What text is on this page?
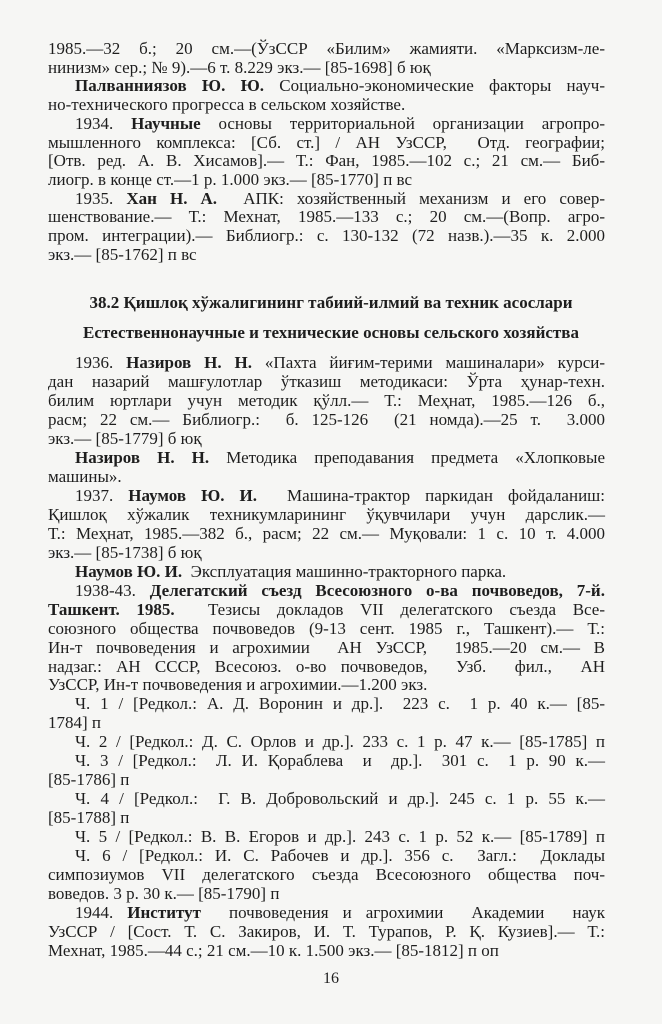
38.2 Қишлоқ хўжалигининг табиий-илмий ва техник асослари
Естественнонаучные и технические основы сельского хозяйства
16
1985.—32 б.; 20 см.—(ЎзССР «Билим» жамияти. «Марксизм-ле-
нинизм» сер.; № 9).—6 т. 8.229 экз.— [85-1698] б юқ
Палванниязов Ю. Ю. Социально-экономические факторы науч-
но-технического прогресса в сельском хозяйстве.
1934. Научные основы территориальной организации агропро-
мышленного комплекса: [Сб. ст.] / АН УзССР,  Отд. географии;
[Отв. ред. А. В. Хисамов].— Т.: Фан, 1985.—102 с.; 21 см.— Биб-
лиогр. в конце ст.—1 р. 1.000 экз.— [85-1770] п вс
1935. Хан Н. А.  АПК: хозяйственный механизм и его совер-
шенствование.— Т.: Мехнат, 1985.—133 с.; 20 см.—(Вопр. агро-
пром. интеграции).— Библиогр.: с. 130-132 (72 назв.).—35 к. 2.000
экз.— [85-1762] п вс
1936. Назиров Н. Н. «Пахта йиғим-терими машиналари» курси-
дан назарий машғулотлар ўтказиш методикаси: Ўрта ҳунар-техн.
билим юртлари учун методик қўлл.— Т.: Меҳнат, 1985.—126 б.,
расм; 22 см.— Библиогр.:  б. 125-126  (21 номда).—25 т.  3.000
экз.— [85-1779] б юқ
Назиров Н. Н. Методика преподавания предмета «Хлопковые
машины».
1937. Наумов Ю. И.  Машина-трактор паркидан фойдаланиш:
Қишлоқ хўжалик техникумларининг ўқувчилари учун дарслик.—
Т.: Меҳнат, 1985.—382 б., расм; 22 см.— Муқовали: 1 с. 10 т. 4.000
экз.— [85-1738] б юқ
Наумов Ю. И.  Эксплуатация машинно-тракторного парка.
1938-43. Делегатский съезд Всесоюзного о-ва почвоведов, 7-й.
Ташкент. 1985.  Тезисы докладов VII делегатского съезда Все-
союзного общества почвоведов (9-13 сент. 1985 г., Ташкент).— Т.:
Ин-т почвоведения и агрохимии  АН УзССР,  1985.—20 см.— В
надзаг.: АН СССР, Всесоюз. о-во почвоведов,  Узб.  фил.,  АН
УзССР, Ин-т почвоведения и агрохимии.—1.200 экз.
Ч. 1 / [Редкол.: А. Д. Воронин и др.].  223 с.  1 р. 40 к.— [85-
1784] п
Ч. 2 / [Редкол.: Д. С. Орлов и др.]. 233 с. 1 р. 47 к.— [85-1785] п
Ч. 3 / [Редкол.:  Л. И. Қораблева  и  др.].  301 с.  1 р. 90 к.—
[85-1786] п
Ч. 4 / [Редкол.:  Г. В. Добровольский и др.]. 245 с. 1 р. 55 к.—
[85-1788] п
Ч. 5 / [Редкол.: В. В. Егоров и др.]. 243 с. 1 р. 52 к.— [85-1789] п
Ч. 6 / [Редкол.: И. С. Рабочев и др.]. 356 с.  Загл.:  Доклады
симпозиумов VII делегатского съезда Всесоюзного общества поч-
воведов. 3 р. 30 к.— [85-1790] п
1944. Институт  почвоведения и агрохимии  Академии  наук
УзССР / [Сост. Т. С. Закиров, И. Т. Турапов, Р. Қ. Кузиев].— Т.:
Мехнат, 1985.—44 с.; 21 см.—10 к. 1.500 экз.— [85-1812] п оп
